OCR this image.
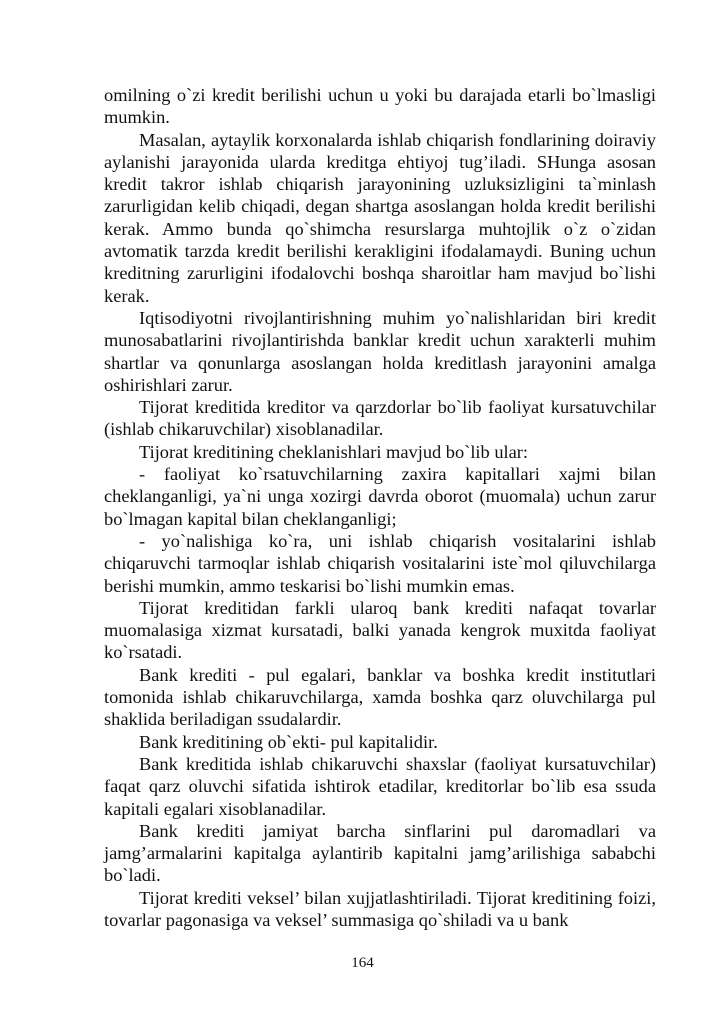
omilning o`zi kredit berilishi uchun u yoki bu darajada etarli bo`lmasligi mumkin.

Masalan, aytaylik korxonalarda ishlab chiqarish fondlarining doiraviy aylanishi jarayonida ularda kreditga ehtiyoj tug’iladi. SHunga asosan kredit takror ishlab chiqarish jarayonining uzluksizligini ta`minlash zarurligidan kelib chiqadi, degan shartga asoslangan holda kredit berilishi kerak. Ammo bunda qo`shimcha resurslarga muhtojlik o`z o`zidan avtomatik tarzda kredit berilishi kerakligini ifodalamaydi. Buning uchun kreditning zarurligini ifodalovchi boshqa sharoitlar ham mavjud bo`lishi kerak.

Iqtisodiyotni rivojlantirishning muhim yo`nalishlaridan biri kredit munosabatlarini rivojlantirishda banklar kredit uchun xarakterli muhim shartlar va qonunlarga asoslangan holda kreditlash jarayonini amalga oshirishlari zarur.

Tijorat kreditida kreditor va qarzdorlar bo`lib faoliyat kursatuvchilar (ishlab chikaruvchilar) xisoblanadilar.

Tijorat kreditining cheklanishlari mavjud bo`lib ular:

- faoliyat ko`rsatuvchilarning zaxira kapitallari xajmi bilan cheklanganligi, ya`ni unga xozirgi davrda oborot (muomala) uchun zarur bo`lmagan kapital bilan cheklanganligi;

- yo`nalishiga ko`ra, uni ishlab chiqarish vositalarini ishlab chiqaruvchi tarmoqlar ishlab chiqarish vositalarini iste`mol qiluvchilarga berishi mumkin, ammo teskarisi bo`lishi mumkin emas.

Tijorat kreditidan farkli ularoq bank krediti nafaqat tovarlar muomalasiga xizmat kursatadi, balki yanada kengrok muxitda faoliyat ko`rsatadi.

Bank krediti - pul egalari, banklar va boshka kredit institutlari tomonida ishlab chikaruvchilarga, xamda boshka qarz oluvchilarga pul shaklida beriladigan ssudalardir.

Bank kreditining ob`ekti- pul kapitalidir.

Bank kreditida ishlab chikaruvchi shaxslar (faoliyat kursatuvchilar) faqat qarz oluvchi sifatida ishtirok etadilar, kreditorlar bo`lib esa ssuda kapitali egalari xisoblanadilar.

Bank krediti jamiyat barcha sinflarini pul daromadlari va jamg’armalarini kapitalga aylantirib kapitalni jamg’arilishiga sababchi bo`ladi.

Tijorat krediti veksel’ bilan xujjatlashtiriladi. Tijorat kreditining foizi, tovarlar pagonasiga va veksel’ summasiga qo`shiladi va u bank

164
